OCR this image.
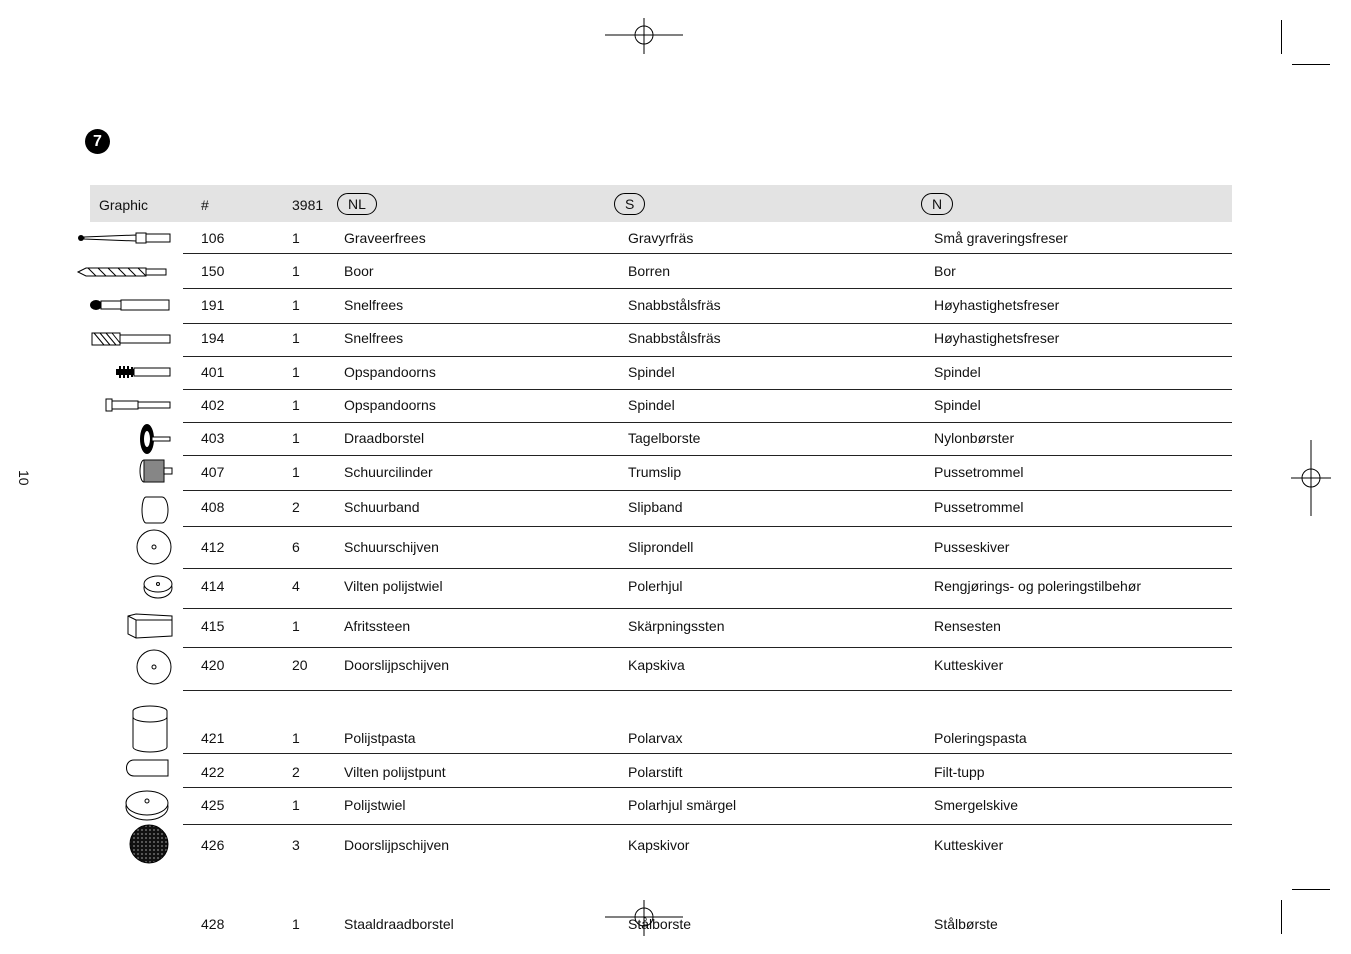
10
7
Graphic	#	3981	NL	S	N
106	1	Graveerfrees	Gravyrfräs	Små graveringsfreser
150	1	Boor	Borren	Bor
191	1	Snelfrees	Snabbstålsfräs	Høyhastighetsfreser
194	1	Snelfrees	Snabbstålsfräs	Høyhastighetsfreser
401	1	Opspandoorns	Spindel	Spindel
402	1	Opspandoorns	Spindel	Spindel
403	1	Draadborstel	Tagelborste	Nylonbørster
407	1	Schuurcilinder	Trumslip	Pussetrommel
408	2	Schuurband	Slipband	Pussetrommel
412	6	Schuurschijven	Sliprondell	Pusseskiver
414	4	Vilten polijstwiel	Polerhjul	Rengjørings- og poleringstilbehør
415	1	Afritssteen	Skärpningssten	Rensesten
420	20	Doorslijpschijven	Kapskiva	Kutteskiver
421	1	Polijstpasta	Polarvax	Poleringspasta
422	2	Vilten polijstpunt	Polarstift	Filt-tupp
425	1	Polijstwiel	Polarhjul smärgel	Smergelskive
426	3	Doorslijpschijven	Kapskivor	Kutteskiver
428	1	Staaldraadborstel	Stålborste	Stålbørste
